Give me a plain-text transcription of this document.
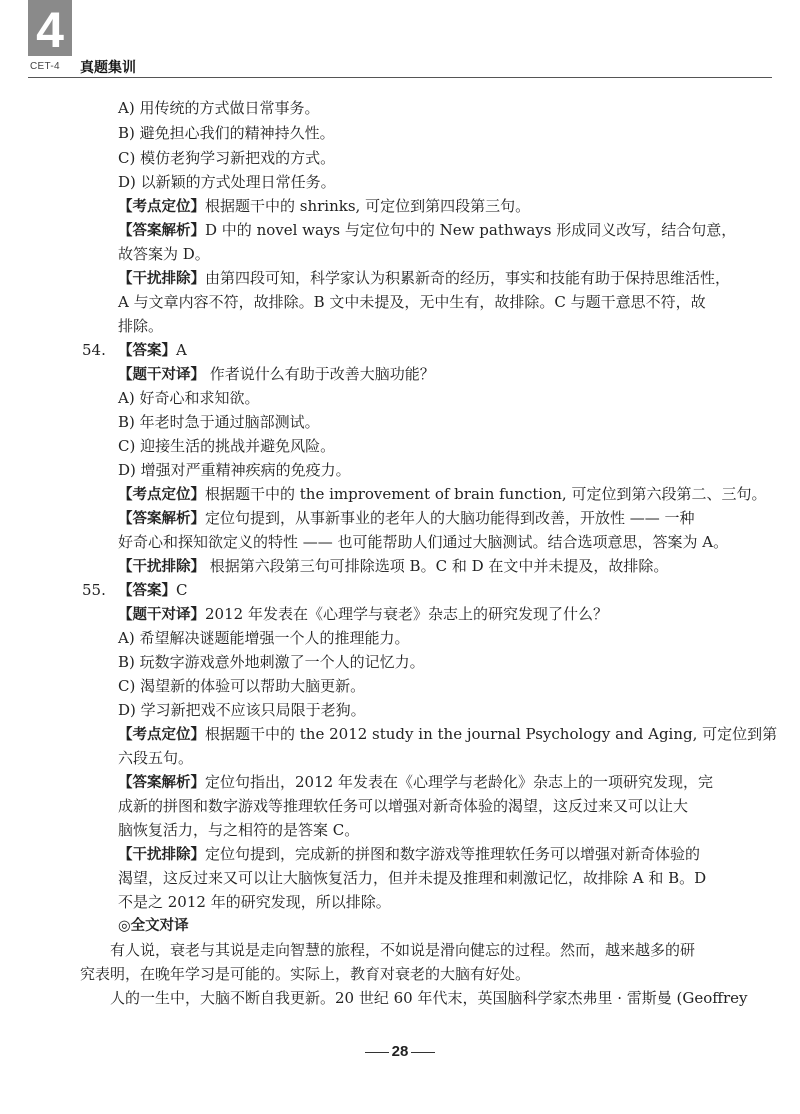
4
CET-4 真题集训
A) 用传统的方式做日常事务。
B) 避免担心我们的精神持久性。
C) 模仿老狗学习新把戏的方式。
D) 以新颖的方式处理日常任务。
【考点定位】根据题干中的 shrinks, 可定位到第四段第三句。
【答案解析】D 中的 novel ways 与定位句中的 New pathways 形成同义改写，结合句意，
故答案为 D。
【干扰排除】由第四段可知，科学家认为积累新奇的经历，事实和技能有助于保持思维活性，
A 与文章内容不符，故排除。B 文中未提及，无中生有，故排除。C 与题干意思不符，故
排除。
54. 【答案】A
【题干对译】 作者说什么有助于改善大脑功能？
A) 好奇心和求知欲。
B) 年老时急于通过脑部测试。
C) 迎接生活的挑战并避免风险。
D) 增强对严重精神疾病的免疫力。
【考点定位】根据题干中的 the improvement of brain function, 可定位到第六段第二、三句。
【答案解析】定位句提到，从事新事业的老年人的大脑功能得到改善，开放性 —— 一种
好奇心和探知欲定义的特性 —— 也可能帮助人们通过大脑测试。结合选项意思，答案为 A。
【干扰排除】 根据第六段第三句可排除选项 B。C 和 D 在文中并未提及，故排除。
55. 【答案】C
【题干对译】2012 年发表在《心理学与衰老》杂志上的研究发现了什么？
A) 希望解决谜题能增强一个人的推理能力。
B) 玩数字游戏意外地刺激了一个人的记忆力。
C) 渴望新的体验可以帮助大脑更新。
D) 学习新把戏不应该只局限于老狗。
【考点定位】根据题干中的 the 2012 study in the journal Psychology and Aging, 可定位到第
六段五句。
【答案解析】定位句指出，2012 年发表在《心理学与老龄化》杂志上的一项研究发现，完
成新的拼图和数字游戏等推理软任务可以增强对新奇体验的渴望，这反过来又可以让大
脑恢复活力，与之相符的是答案 C。
【干扰排除】定位句提到，完成新的拼图和数字游戏等推理软任务可以增强对新奇体验的
渴望，这反过来又可以让大脑恢复活力，但并未提及推理和刺激记忆，故排除 A 和 B。D
不是之 2012 年的研究发现，所以排除。
◎全文对译
有人说，衰老与其说是走向智慧的旅程，不如说是滑向健忘的过程。然而，越来越多的研
究表明，在晚年学习是可能的。实际上，教育对衰老的大脑有好处。
人的一生中，大脑不断自我更新。20 世纪 60 年代末，英国脑科学家杰弗里 · 雷斯曼 (Geoffrey
28
